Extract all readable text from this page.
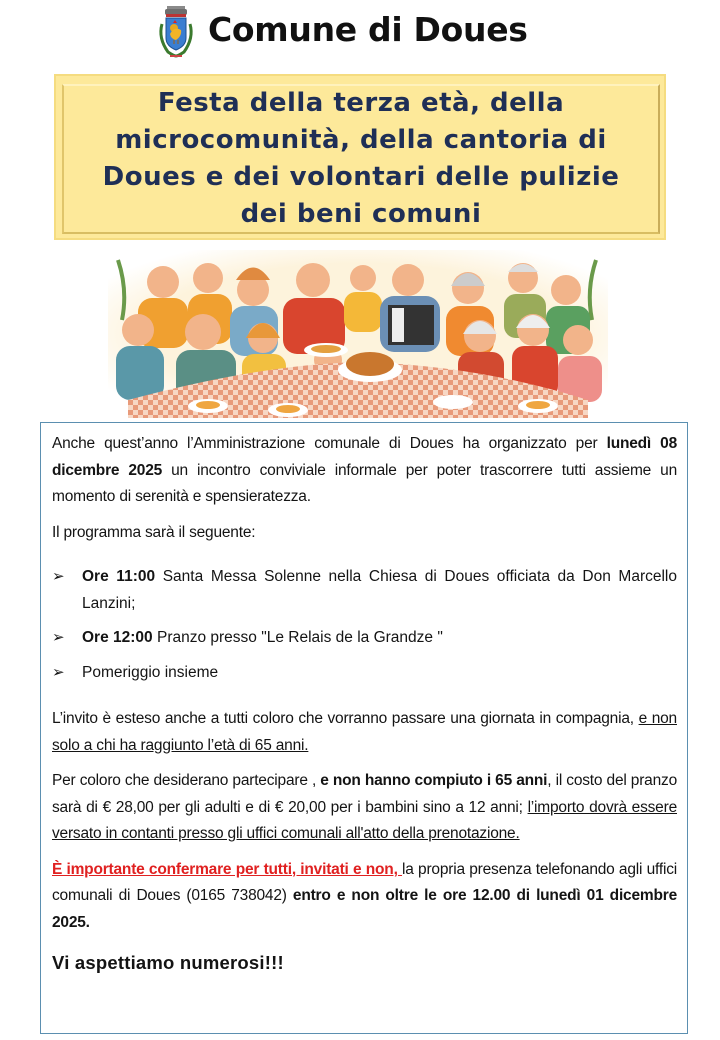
Comune di Doues
Festa della terza età, della microcomunità, della cantoria di Doues e dei volontari delle pulizie dei beni comuni

Anche quest’anno l’Amministrazione comunale di Doues ha organizzato per lunedì 08 dicembre 2025 un incontro conviviale informale per poter trascorrere tutti assieme un momento di serenità e spensieratezza.

Il programma sarà il seguente:

➢ Ore 11:00 Santa Messa Solenne nella Chiesa di Doues officiata da Don Marcello Lanzini;
➢ Ore 12:00 Pranzo presso "Le Relais de la Grandze "
➢ Pomeriggio insieme

L’invito è esteso anche a tutti coloro che vorranno passare una giornata in compagnia, e non solo a chi ha raggiunto l’età di 65 anni.

Per coloro che desiderano partecipare , e non hanno compiuto i 65 anni, il costo del pranzo sarà di € 28,00 per gli adulti e di € 20,00 per i bambini sino a 12 anni; l’importo dovrà essere versato in contanti presso gli uffici comunali all'atto della prenotazione.

È importante confermare per tutti, invitati e non, la propria presenza telefonando agli uffici comunali di Doues (0165 738042) entro e non oltre le ore 12.00 di lunedì 01 dicembre 2025.

Vi aspettiamo numerosi!!!
